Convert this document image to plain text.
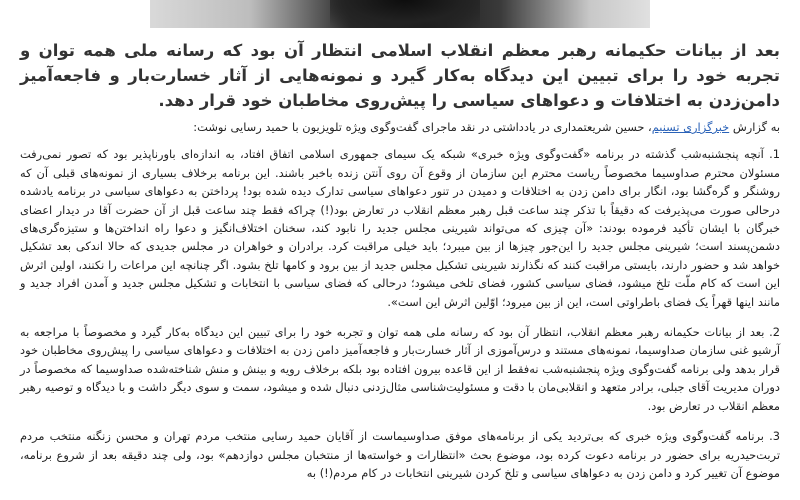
بعد از بیانات حکیمانه رهبر معظم انقلاب اسلامی انتظار آن بود که رسانه ملی همه توان و تجربه خود را برای تبیین این دیدگاه به‌کار گیرد و نمونه‌هایی از آثار خسارت‌بار و فاجعه‌آمیز دامن‌زدن به اختلافات و دعواهای سیاسی را پیش‌روی مخاطبان خود قرار دهد.

به گزارش خبرگزاری تسنیم، حسین شریعتمداری در یادداشتی در نقد ماجرای گفت‌وگوی ویژه تلویزیون با حمید رسایی نوشت:

1. آنچه پنجشنبه‌شب گذشته در برنامه «گفت‌وگوی ویژه خبری» شبکه یک سیمای جمهوری اسلامی اتفاق افتاد، به اندازه‌ای باورناپذیر بود که تصور نمی‌رفت مسئولان محترم صداوسیما مخصوصاً ریاست محترم این سازمان از وقوع آن روی آنتن زنده باخبر باشند. این برنامه برخلاف بسیاری از نمونه‌های قبلی آن که روشنگر و گره‌گشا بود، انگار برای دامن زدن به اختلافات و دمیدن در تنور دعواهای سیاسی تدارک دیده شده بود! پرداختن به دعواهای سیاسی در برنامه یادشده درحالی صورت می‌پذیرفت که دقیقاً با تذکر چند ساعت قبل رهبر معظم انقلاب در تعارض بود(!) چراکه فقط چند ساعت قبل از آن حضرت آقا در دیدار اعضای خبرگان با ایشان تأکید فرموده بودند: «آن چیزی که می‌تواند شیرینی مجلس جدید را نابود کند، سخنان اختلاف‌انگیز و دعوا راه انداختن‌ها و ستیزه‌گری‌های دشمن‌پسند است؛ شیرینی مجلس جدید را این‌جور چیزها از بین میبرد؛ باید خیلی مراقبت کرد. برادران و خواهران در مجلس جدیدی که حالا اندکی بعد تشکیل خواهد شد و حضور دارند، بایستی مراقبت کنند که نگذارند شیرینی تشکیل مجلس جدید از بین برود و کامها تلخ بشود. اگر چنانچه این مراعات را نکنند، اولین اثرش این است که کام ملّت تلخ میشود، فضای سیاسی کشور، فضای تلخی میشود؛ درحالی که فضای سیاسی با انتخابات و تشکیل مجلس جدید و آمدن افراد جدید و مانند اینها قهراً یک فضای باطراوتی است، این از بین میرود؛ اوّلین اثرش این است».

2. بعد از بیانات حکیمانه رهبر معظم انقلاب، انتظار آن بود که رسانه ملی همه توان و تجربه خود را برای تبیین این دیدگاه به‌کار گیرد و مخصوصاً با مراجعه به آرشیو غنی سازمان صداوسیما، نمونه‌های مستند و درس‌آموزی از آثار خسارت‌بار و فاجعه‌آمیز دامن زدن به اختلافات و دعواهای سیاسی را پیش‌روی مخاطبان خود قرار بدهد ولی برنامه گفت‌وگوی ویژه پنجشنبه‌شب نه‌فقط از این قاعده بیرون افتاده بود بلکه برخلاف رویه و بینش و منش شناخته‌شده صداوسیما که مخصوصاً در دوران مدیریت آقای جبلی، برادر متعهد و انقلابی‌مان با دقت و مسئولیت‌شناسی مثال‌زدنی دنبال شده و میشود، سمت و سوی دیگر داشت و با دیدگاه و توصیه رهبر معظم انقلاب در تعارض بود.

3. برنامه گفت‌وگوی ویژه خبری که بی‌تردید یکی از برنامه‌های موفق صداوسیماست از آقایان حمید رسایی منتخب مردم تهران و محسن زنگنه منتخب مردم تربت‌حیدریه برای حضور در برنامه دعوت کرده بود، موضوع بحث «انتظارات و خواسته‌ها از منتخبان مجلس دوازدهم» بود، ولی چند دقیقه بعد از شروع برنامه، موضوع آن تغییر کرد و دامن زدن به دعواهای سیاسی و تلخ کردن شیرینی انتخابات در کام مردم(!) به
